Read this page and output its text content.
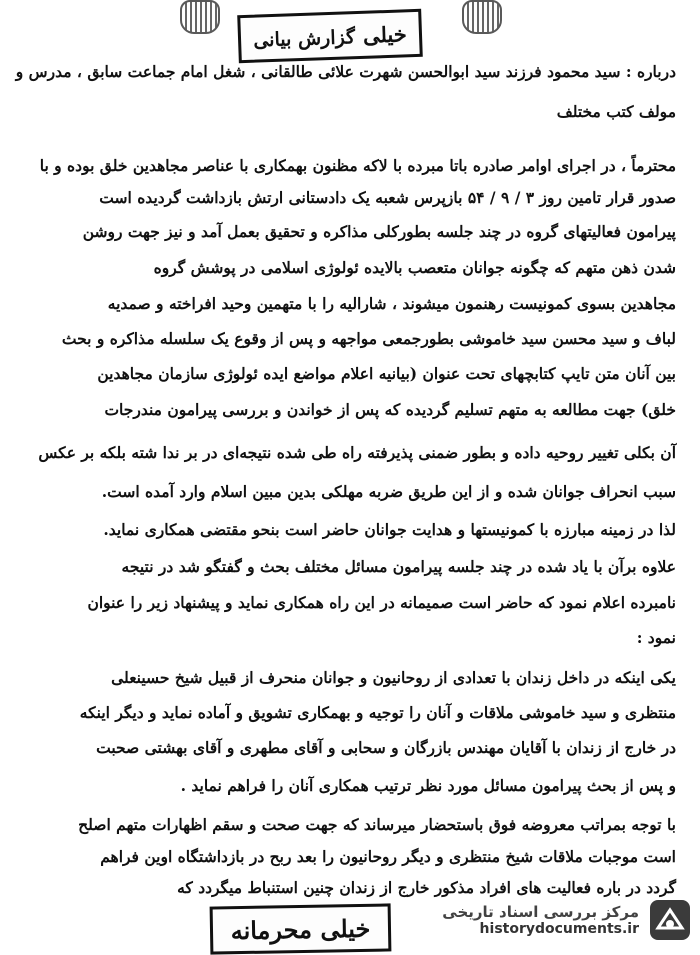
خیلی
گزارش بیانی
درباره : سید محمود فرزند سید ابوالحسن شهرت علائی طالقانی ، شغل امام جماعت سابق ، مدرس و
مولف کتب مختلف
محترماً ، در اجرای اوامر صادره باتا مبرده با لاکه مظنون بهمکاری با عناصر مجاهدین خلق بوده و با
صدور قرار تامین روز ۳ / ۹ / ۵۴ بازپرس شعبه یک دادستانی ارتش بازداشت گردیده است
پیرامون فعالیتهای گروه در چند جلسه بطورکلی مذاکره و تحقیق بعمل آمد و نیز جهت روشن
شدن ذهن متهم که چگونه جوانان متعصب بالایده ئولوژی اسلامی در پوشش گروه
مجاهدین بسوی کمونیست رهنمون میشوند ، شارالیه را با متهمین وحید افراخته و صمدیه
لباف و سید محسن سید خاموشی بطورجمعی مواجهه و پس از وقوع یک سلسله مذاکره و بحث
بین آنان متن تایپ کتابچهای تحت عنوان (بیانیه اعلام مواضع ایده ئولوژی سازمان مجاهدین
خلق) جهت مطالعه به متهم تسلیم گردیده که پس از خواندن و بررسی پیرامون مندرجات
آن بکلی تغییر روحیه داده و بطور ضمنی پذیرفته راه طی شده نتیجه‌ای در بر ندا شته بلکه بر عکس
سبب انحراف جوانان شده و از این طریق ضربه مهلکی بدین مبین اسلام وارد آمده است.
لذا در زمینه مبارزه با کمونیستها و هدایت جوانان حاضر است بنحو مقتضی همکاری نماید.
علاوه برآن با یاد شده در چند جلسه پیرامون مسائل مختلف بحث و گفتگو شد در نتیجه
نامبرده اعلام نمود که حاضر است صمیمانه در این راه همکاری نماید و پیشنهاد زیر را عنوان
نمود :
یکی اینکه در داخل زندان با تعدادی از روحانیون و جوانان منحرف از قبیل شیخ حسینعلی
منتظری و سید خاموشی ملاقات و آنان را توجیه و بهمکاری تشویق و آماده نماید و دیگر اینکه
در خارج از زندان با آقایان مهندس بازرگان و سحابی و آقای مطهری و آقای بهشتی صحبت
و پس از بحث پیرامون مسائل مورد نظر ترتیب همکاری آنان را فراهم نماید .
با توجه بمراتب معروضه فوق باستحضار میرساند که جهت صحت و سقم اظهارات متهم اصلح
است موجبات ملاقات شیخ منتظری و دیگر روحانیون را بعد ربح در بازداشتگاه اوین فراهم
گردد در باره فعالیت های افراد مذکور خارج از زندان چنین استنباط میگردد که
خیلی محرمانه
مرکز بررسی اسناد تاریخی
historydocuments.ir
